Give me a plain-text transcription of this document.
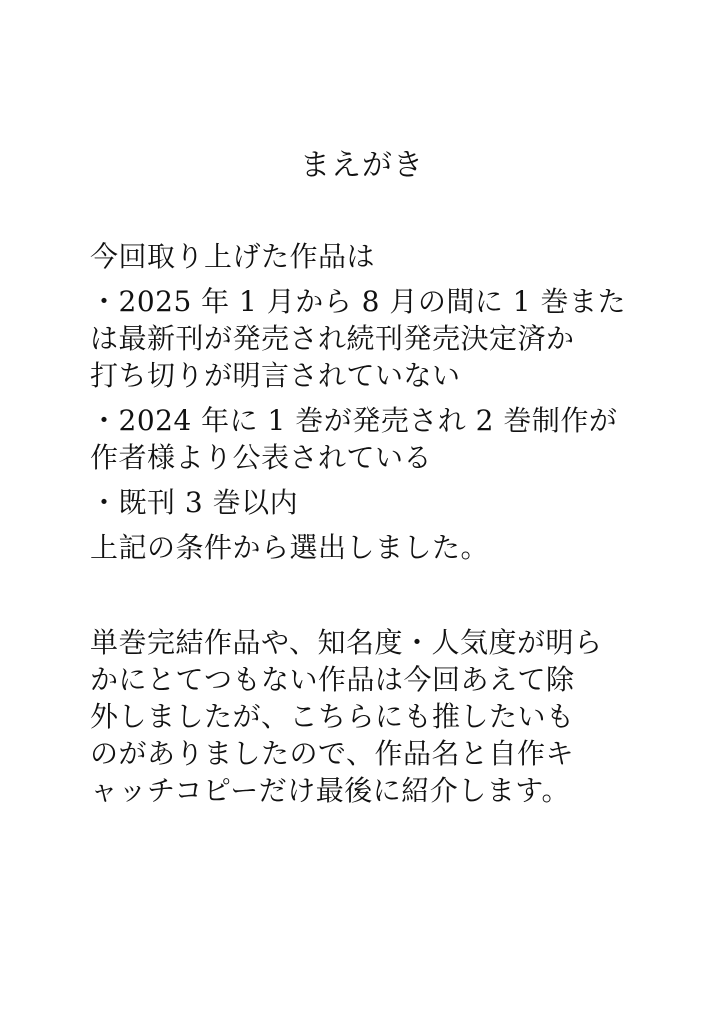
まえがき
今回取り上げた作品は
・2025 年 1 月から 8 月の間に 1 巻また
は最新刊が発売され続刊発売決定済か
打ち切りが明言されていない
・2024 年に 1 巻が発売され 2 巻制作が
作者様より公表されている
・既刊 3 巻以内
上記の条件から選出しました。
単巻完結作品や、知名度・人気度が明ら
かにとてつもない作品は今回あえて除
外しましたが、こちらにも推したいも
のがありましたので、作品名と自作キ
ャッチコピーだけ最後に紹介します。
